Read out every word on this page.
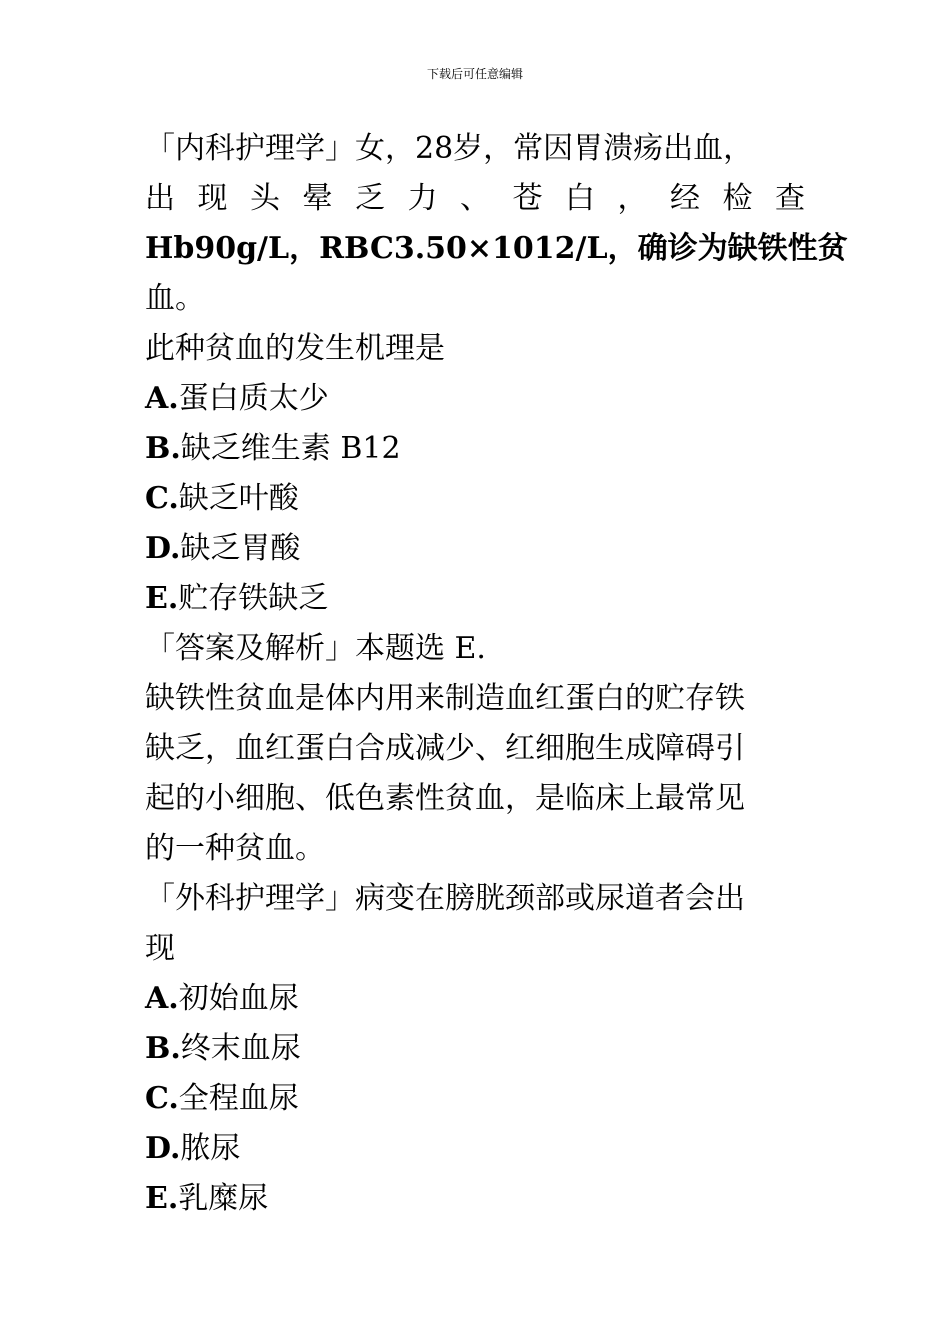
下载后可任意编辑

「内科护理学」女，28岁，常因胃溃疡出血，

出 现 头 晕 乏 力 、 苍 白 ， 经 检 查

Hb90g/L，RBC3.50×1012/L，确诊为缺铁性贫

血。

此种贫血的发生机理是

A.蛋白质太少

B.缺乏维生素 B12

C.缺乏叶酸

D.缺乏胃酸

E.贮存铁缺乏

「答案及解析」本题选 E.

缺铁性贫血是体内用来制造血红蛋白的贮存铁

缺乏，血红蛋白合成减少、红细胞生成障碍引

起的小细胞、低色素性贫血，是临床上最常见

的一种贫血。

「外科护理学」病变在膀胱颈部或尿道者会出

现

A.初始血尿

B.终末血尿

C.全程血尿

D.脓尿

E.乳糜尿
